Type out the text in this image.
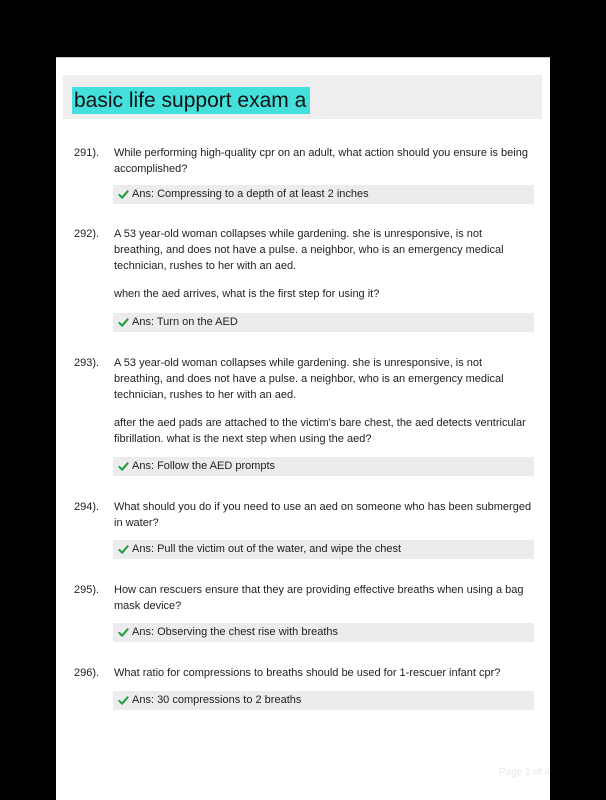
basic life support exam a
291). While performing high-quality cpr on an adult, what action should you ensure is being accomplished?

Ans: Compressing to a depth of at least 2 inches
292). A 53 year-old woman collapses while gardening. she is unresponsive, is not breathing, and does not have a pulse. a neighbor, who is an emergency medical technician, rushes to her with an aed.

when the aed arrives, what is the first step for using it?

Ans: Turn on the AED
293). A 53 year-old woman collapses while gardening. she is unresponsive, is not breathing, and does not have a pulse. a neighbor, who is an emergency medical technician, rushes to her with an aed.

after the aed pads are attached to the victim's bare chest, the aed detects ventricular fibrillation. what is the next step when using the aed?

Ans: Follow the AED prompts
294). What should you do if you need to use an aed on someone who has been submerged in water?

Ans: Pull the victim out of the water, and wipe the chest
295). How can rescuers ensure that they are providing effective breaths when using a bag mask device?

Ans: Observing the chest rise with breaths
296). What ratio for compressions to breaths should be used for 1-rescuer infant cpr?

Ans: 30 compressions to 2 breaths
Page 1 of 4
